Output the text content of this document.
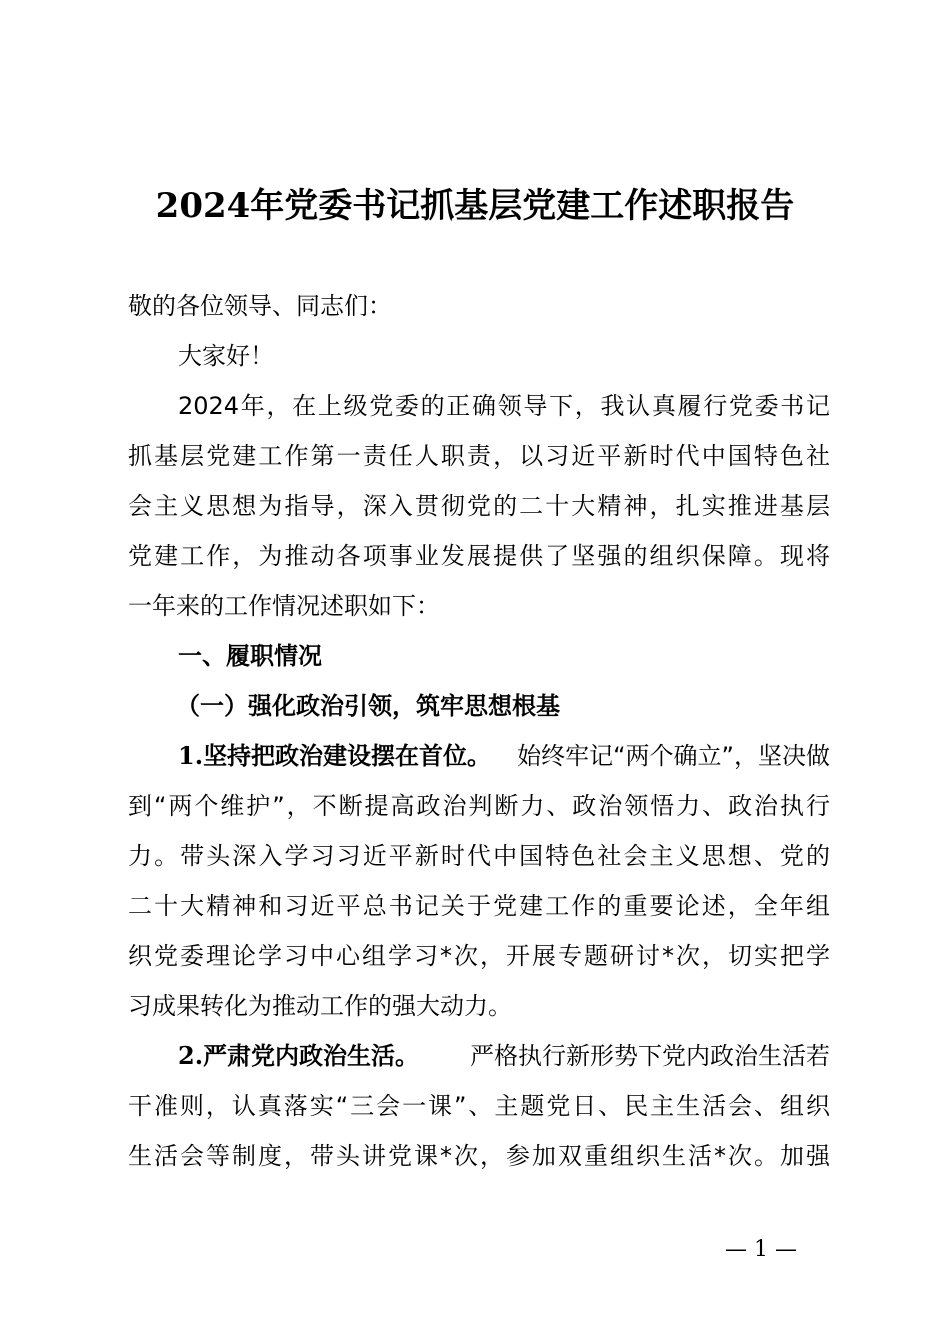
2024年党委书记抓基层党建工作述职报告
敬的各位领导、同志们：
大家好！
2024年，在上级党委的正确领导下，我认真履行党委书记
抓基层党建工作第一责任人职责，以习近平新时代中国特色社
会主义思想为指导，深入贯彻党的二十大精神，扎实推进基层
党建工作，为推动各项事业发展提供了坚强的组织保障。现将
一年来的工作情况述职如下：
一、履职情况
（一）强化政治引领，筑牢思想根基
1.坚持把政治建设摆在首位。 始终牢记“两个确立”，坚决做
到“两个维护”，不断提高政治判断力、政治领悟力、政治执行
力。带头深入学习习近平新时代中国特色社会主义思想、党的
二十大精神和习近平总书记关于党建工作的重要论述，全年组
织党委理论学习中心组学习*次，开展专题研讨*次，切实把学
习成果转化为推动工作的强大动力。
2.严肃党内政治生活。 严格执行新形势下党内政治生活若
干准则，认真落实“三会一课”、主题党日、民主生活会、组织
生活会等制度，带头讲党课*次，参加双重组织生活*次。加强
— 1 —
